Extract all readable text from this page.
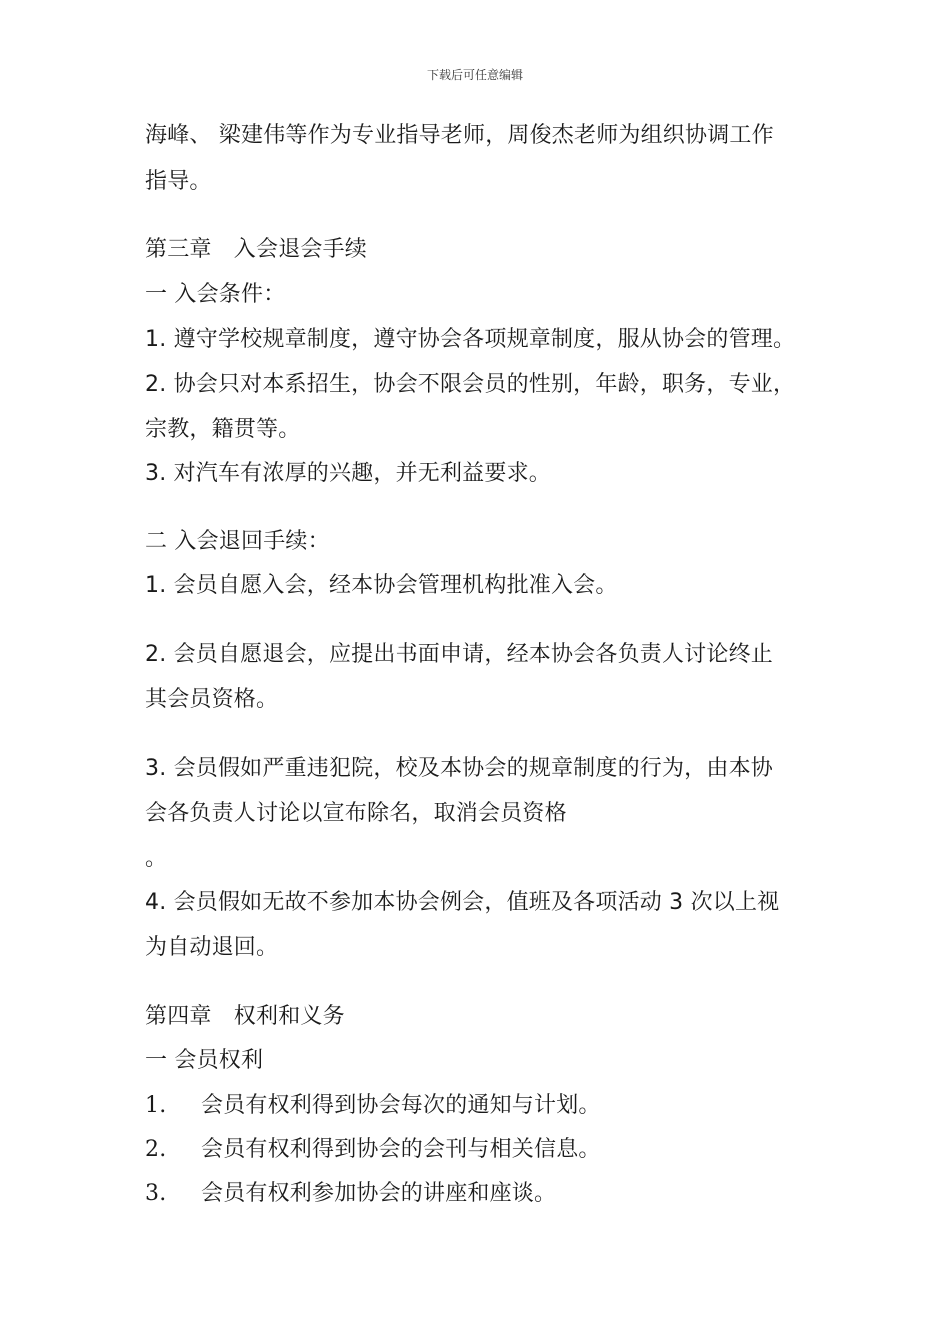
下载后可任意编辑
海峰、 梁建伟等作为专业指导老师，周俊杰老师为组织协调工作
指导。
第三章　入会退会手续
一 入会条件：
1. 遵守学校规章制度，遵守协会各项规章制度，服从协会的管理。
2. 协会只对本系招生，协会不限会员的性别，年龄，职务，专业，
宗教，籍贯等。
3. 对汽车有浓厚的兴趣，并无利益要求。
二 入会退回手续：
1. 会员自愿入会，经本协会管理机构批准入会。
2. 会员自愿退会，应提出书面申请，经本协会各负责人讨论终止
其会员资格。
3. 会员假如严重违犯院，校及本协会的规章制度的行为，由本协
会各负责人讨论以宣布除名，取消会员资格
。
4. 会员假如无故不参加本协会例会，值班及各项活动 3 次以上视
为自动退回。
第四章　权利和义务
一 会员权利
1. 会员有权利得到协会每次的通知与计划。
2. 会员有权利得到协会的会刊与相关信息。
3. 会员有权利参加协会的讲座和座谈。
